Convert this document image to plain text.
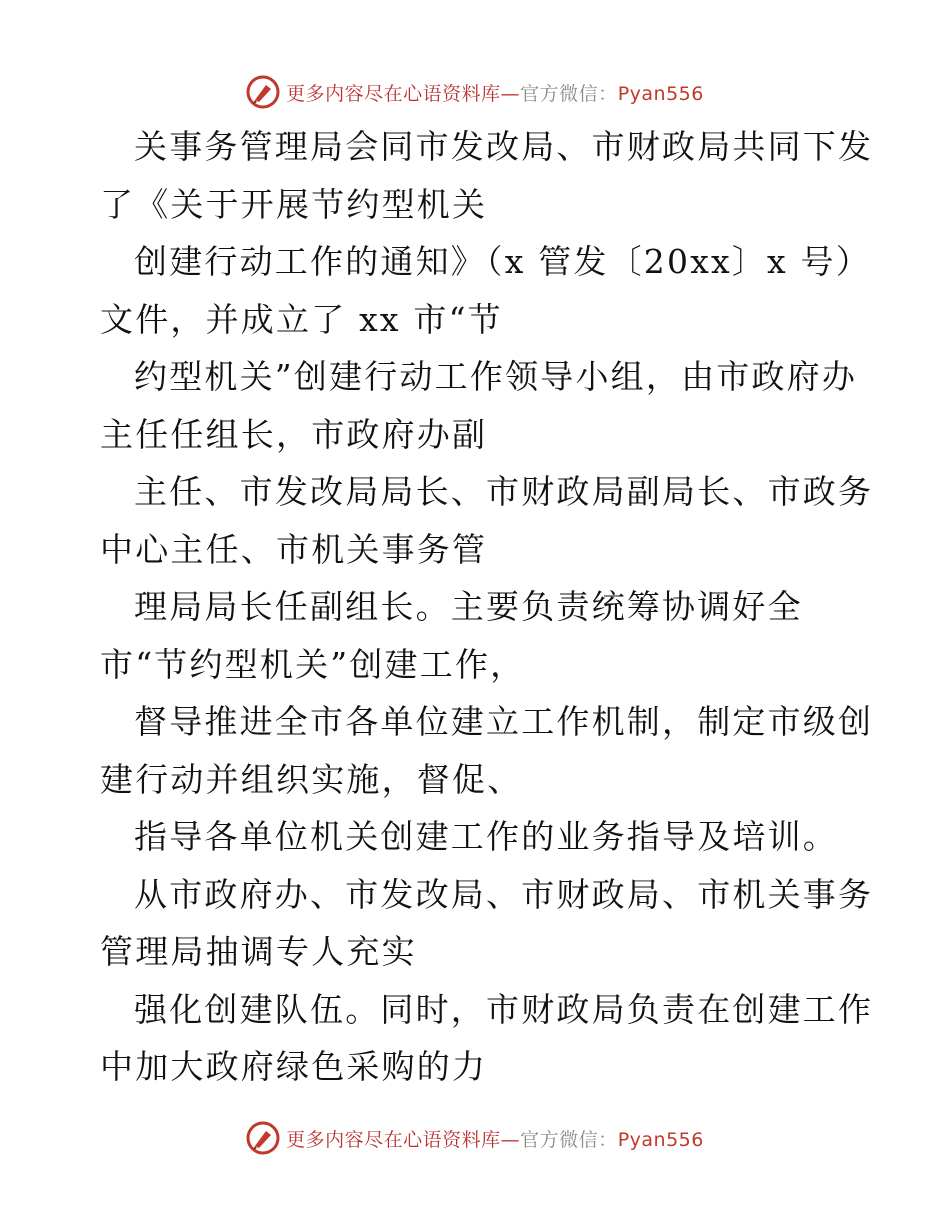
更多内容尽在心语资料库—官方微信：Pyan556
关事务管理局会同市发改局、市财政局共同下发
了《关于开展节约型机关
创建行动工作的通知》（x 管发〔20xx〕x 号）
文件，并成立了 xx 市“节
约型机关”创建行动工作领导小组，由市政府办
主任任组长，市政府办副
主任、市发改局局长、市财政局副局长、市政务
中心主任、市机关事务管
理局局长任副组长。主要负责统筹协调好全
市“节约型机关”创建工作，
督导推进全市各单位建立工作机制，制定市级创
建行动并组织实施，督促、
指导各单位机关创建工作的业务指导及培训。
从市政府办、市发改局、市财政局、市机关事务
管理局抽调专人充实
强化创建队伍。同时，市财政局负责在创建工作
中加大政府绿色采购的力
更多内容尽在心语资料库—官方微信：Pyan556
